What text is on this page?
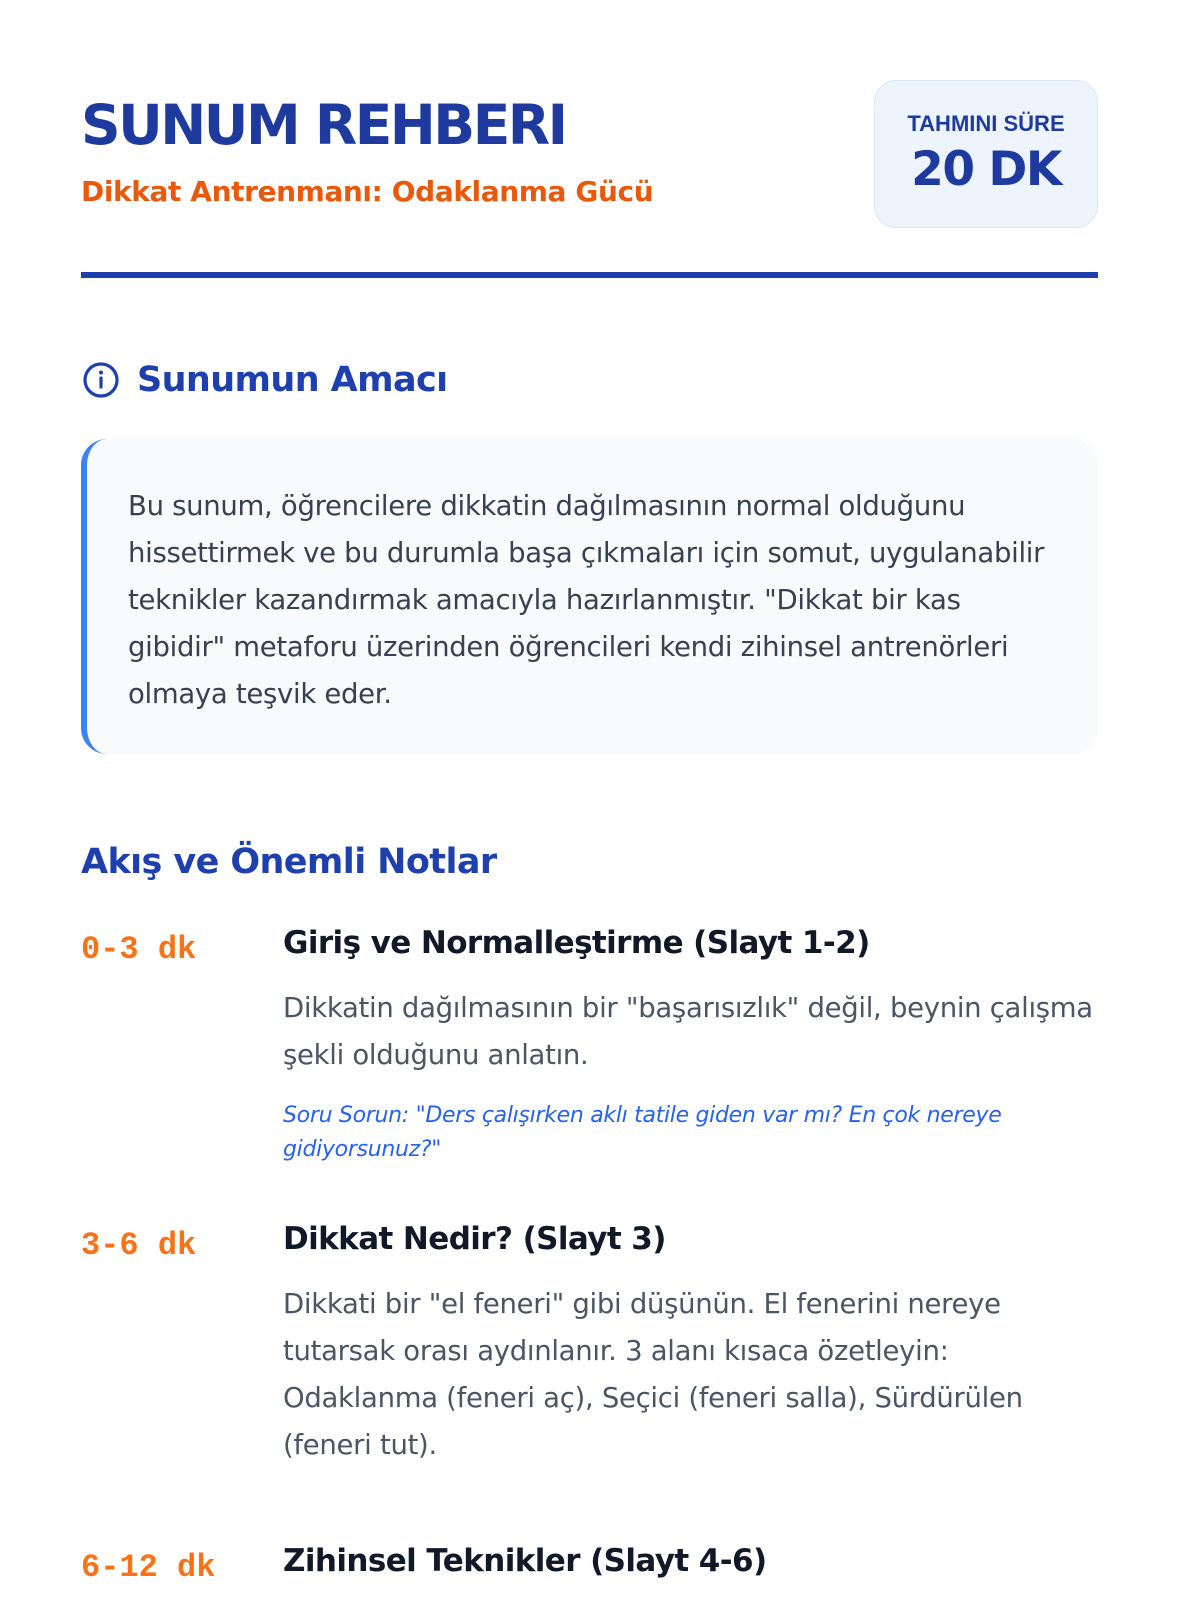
SUNUM REHBERI
Dikkat Antrenmanı: Odaklanma Gücü
TAHMINI SÜRE
20 DK
Sunumun Amacı

Bu sunum, öğrencilere dikkatin dağılmasının normal olduğunu hissettirmek ve bu durumla başa çıkmaları için somut, uygulanabilir teknikler kazandırmak amacıyla hazırlanmıştır. "Dikkat bir kas gibidir" metaforu üzerinden öğrencileri kendi zihinsel antrenörleri olmaya teşvik eder.

Akış ve Önemli Notlar
0-3 dk	Giriş ve Normalleştirme (Slayt 1-2)

Dikkatin dağılmasının bir "başarısızlık" değil, beynin çalışma şekli olduğunu anlatın.

Soru Sorun: "Ders çalışırken aklı tatile giden var mı? En çok nereye gidiyorsunuz?"

3-6 dk	Dikkat Nedir? (Slayt 3)

Dikkati bir "el feneri" gibi düşünün. El fenerini nereye tutarsak orası aydınlanır. 3 alanı kısaca özetleyin: Odaklanma (feneri aç), Seçici (feneri salla), Sürdürülen (feneri tut).

6-12 dk Zihinsel Teknikler (Slayt 4-6)
